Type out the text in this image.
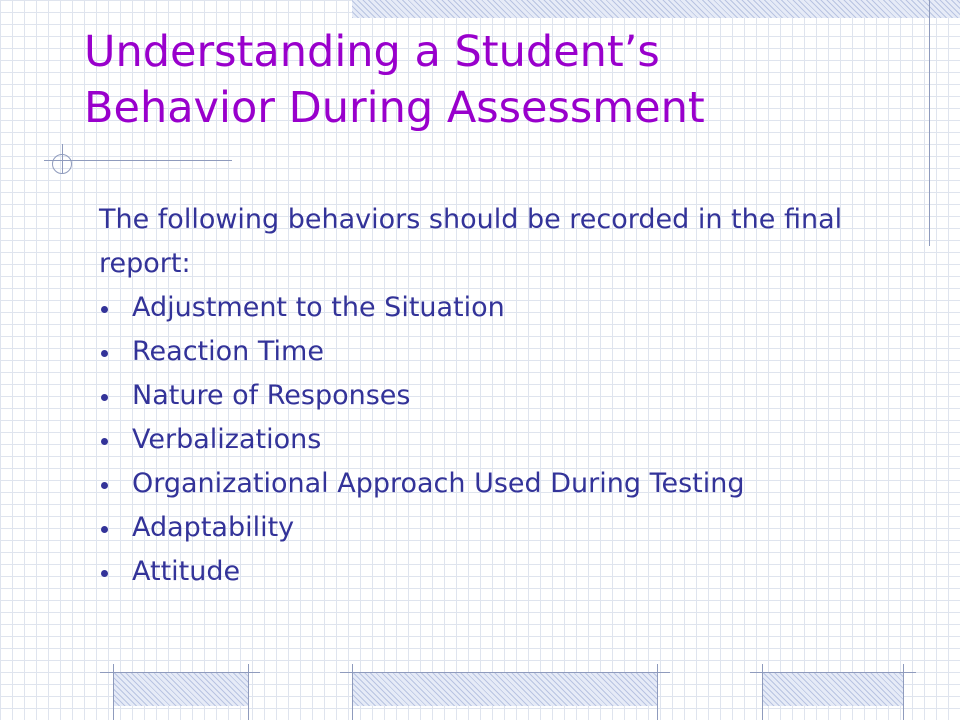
Understanding a Student’s
Behavior During Assessment

The following behaviors should be recorded in the final report:

Adjustment to the Situation
Reaction Time
Nature of Responses
Verbalizations
Organizational Approach Used During Testing
Adaptability
Attitude
